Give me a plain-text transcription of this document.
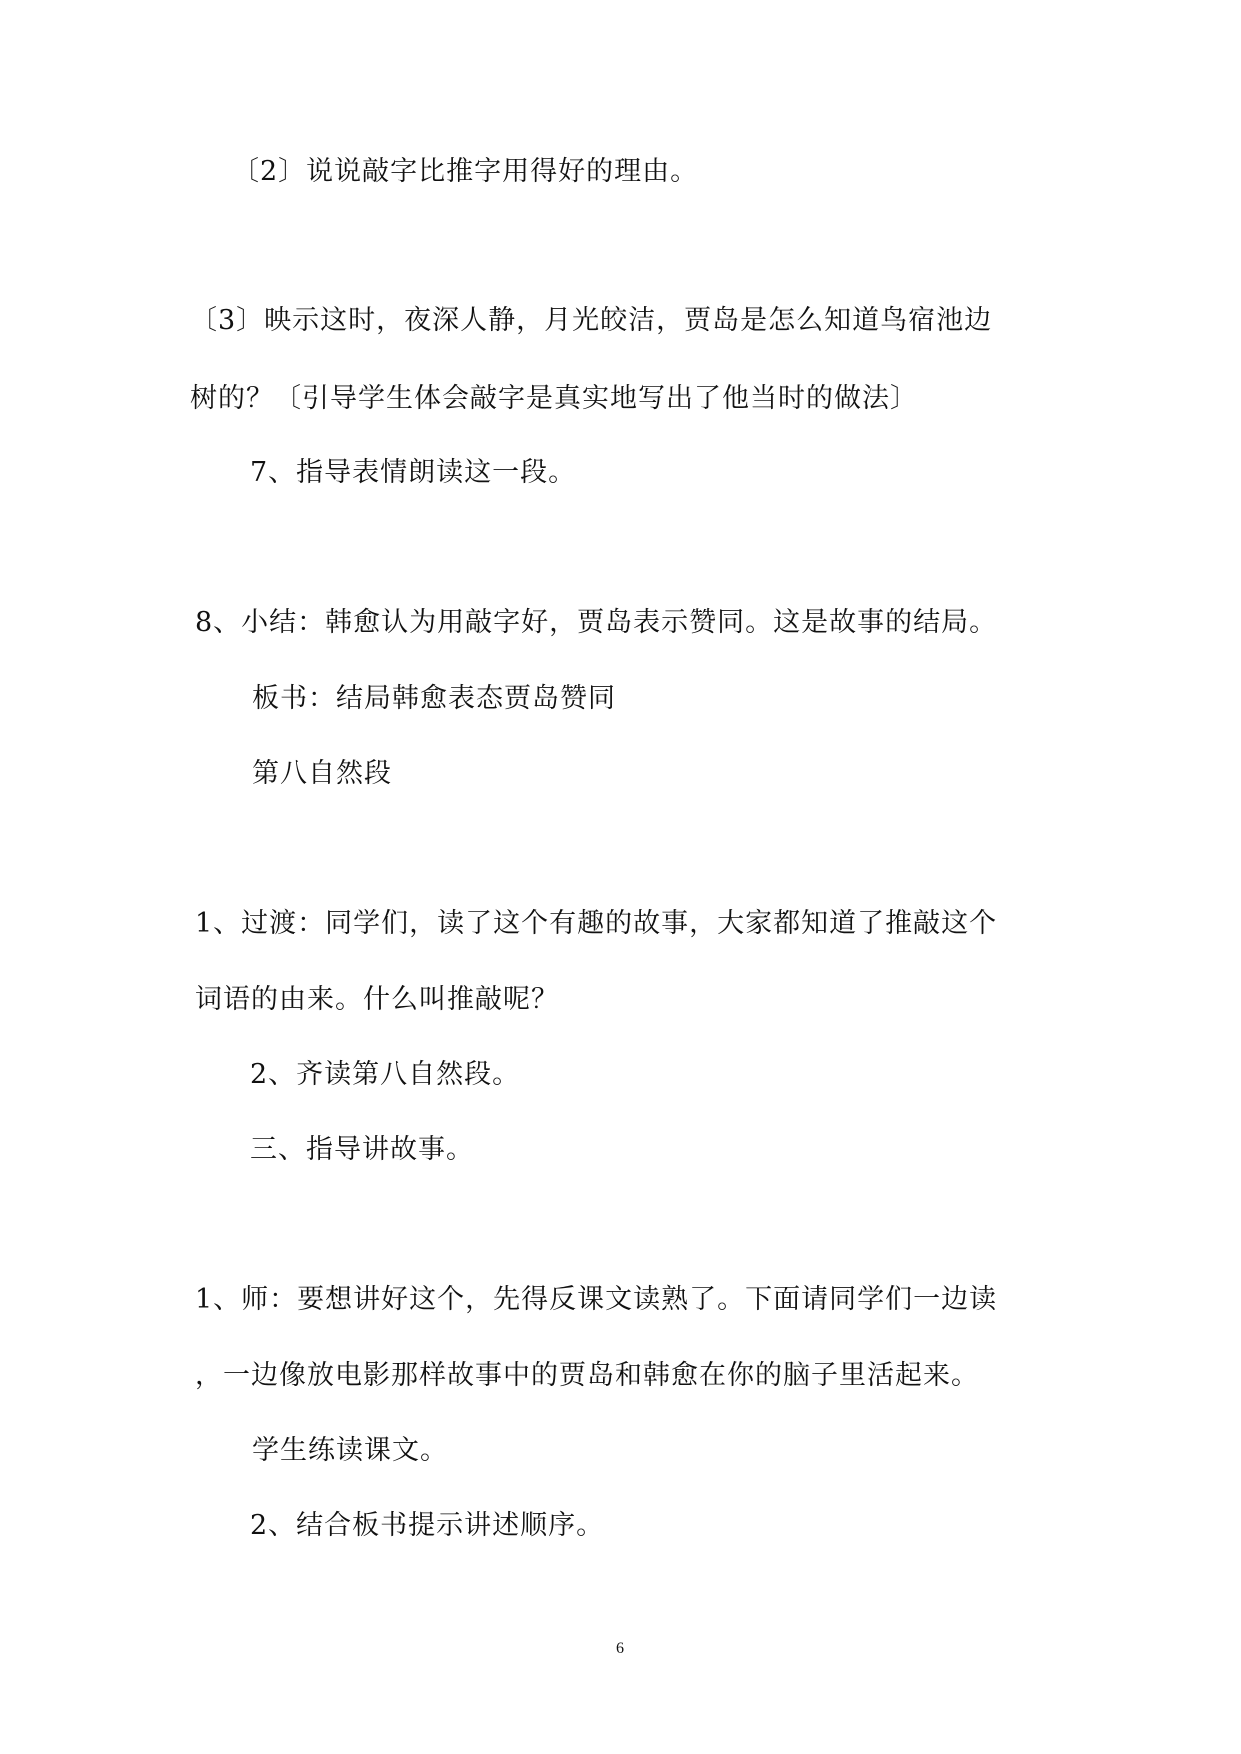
〔2〕说说敲字比推字用得好的理由。
〔3〕映示这时，夜深人静，月光皎洁，贾岛是怎么知道鸟宿池边
树的？〔引导学生体会敲字是真实地写出了他当时的做法〕
7、指导表情朗读这一段。
8、小结：韩愈认为用敲字好，贾岛表示赞同。这是故事的结局。
板书：结局韩愈表态贾岛赞同
第八自然段
1、过渡：同学们，读了这个有趣的故事，大家都知道了推敲这个
词语的由来。什么叫推敲呢？
2、齐读第八自然段。
三、指导讲故事。
1、师：要想讲好这个，先得反课文读熟了。下面请同学们一边读
，一边像放电影那样故事中的贾岛和韩愈在你的脑子里活起来。
学生练读课文。
2、结合板书提示讲述顺序。
6
